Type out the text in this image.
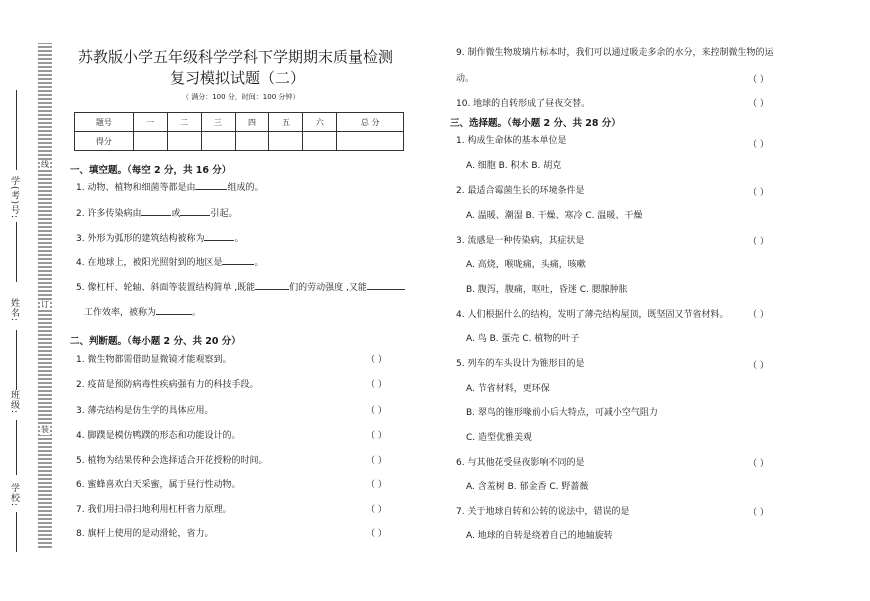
线
订
装
学(考)号:
姓名:
班级:
学校:
苏教版小学五年级科学学科下学期期末质量检测
复习模拟试题（二）
（ 满分：100 分，时间：100 分钟）
题号	一	二	三	四	五	六	总 分
得分							
一、填空题。（每空 2 分，共 16 分）
1. 动物、植物和细菌等都是由	组成的。
2. 许多传染病由	或	引起。
3. 外形为弧形的建筑结构被称为	。
4. 在地球上，被阳光照射到的地区是	。
5. 像杠杆、轮轴、斜面等装置结构简单 ,既能	们的劳动强度 ,又能
工作效率，被称为	。
二、判断题。（每小题 2 分、共 20 分）
1. 微生物都需借助显微镜才能观察到。	（ ）
2. 疫苗是预防病毒性疾病强有力的科技手段。	（ ）
3. 薄壳结构是仿生学的具体应用。	（ ）
4. 脚蹼是模仿鸭蹼的形态和功能设计的。	（ ）
5. 植物为结果传种会选择适合开花授粉的时间。	（ ）
6. 蜜蜂喜欢白天采蜜，属于昼行性动物。	（ ）
7. 我们用扫帚扫地利用杠杆省力原理。	（ ）
8. 旗杆上使用的是动滑轮，省力。	（ ）
9. 制作微生物玻璃片标本时，我们可以通过吸走多余的水分，来控制微生物的运
动。	（ ）
10. 地球的自转形成了昼夜交替。	（ ）
三、选择题。（每小题 2 分、共 28 分）
1. 构成生命体的基本单位是	（ ）
A. 细胞 B. 积木 B. 胡克
2. 最适合霉菌生长的环境条件是	（ ）
A. 温暖、潮湿 B. 干燥、寒冷 C. 温暖、干燥
3. 流感是一种传染病，其症状是	（ ）
A. 高烧，喉咙痛，头痛，咳嗽
B. 腹泻，腹痛，呕吐，昏迷 C. 腮腺肿胀
4. 人们根据什么的结构，发明了薄壳结构屋顶，既坚固又节省材料。 （ ）
A. 鸟 B. 蛋壳 C. 植物的叶子
5. 列车的车头设计为锥形目的是	（ ）
A. 节省材料，更环保
B. 翠鸟的锥形喙前小后大特点，可减小空气阻力
C. 造型优雅美观
6. 与其他花受昼夜影响不同的是	（ ）
A. 含羞树 B. 郁金香 C. 野蔷薇
7. 关于地球自转和公转的说法中，错误的是	（ ）
A. 地球的自转是绕着自己的地轴旋转
